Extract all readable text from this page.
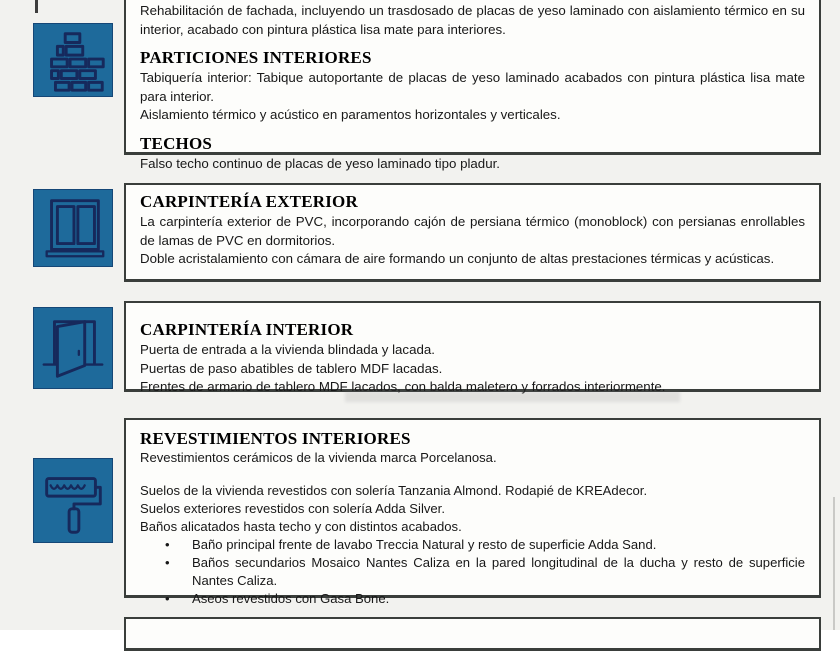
Rehabilitación de fachada, incluyendo un trasdosado de placas de yeso laminado con aislamiento térmico en su interior, acabado con pintura plástica lisa mate para interiores.

PARTICIONES INTERIORES

Tabiquería interior: Tabique autoportante de placas de yeso laminado acabados con pintura plástica lisa mate para interior.

Aislamiento térmico y acústico en paramentos horizontales y verticales.

TECHOS

Falso techo continuo de placas de yeso laminado tipo pladur.

CARPINTERÍA EXTERIOR

La carpintería exterior de PVC, incorporando cajón de persiana térmico (monoblock) con persianas enrollables de lamas de PVC en dormitorios.

Doble acristalamiento con cámara de aire formando un conjunto de altas prestaciones térmicas y acústicas.

CARPINTERÍA INTERIOR

Puerta de entrada a la vivienda blindada y lacada.

Puertas de paso abatibles de tablero MDF lacadas.

Frentes de armario de tablero MDF lacados, con balda maletero y forrados interiormente.

REVESTIMIENTOS INTERIORES

Revestimientos cerámicos de la vivienda marca Porcelanosa.

Suelos de la vivienda revestidos con solería Tanzania Almond. Rodapié de KREAdecor.

Suelos exteriores revestidos con solería Adda Silver.

Baños alicatados hasta techo y con distintos acabados.

•	Baño principal frente de lavabo Treccia Natural y resto de superficie Adda Sand.
•	Baños secundarios Mosaico Nantes Caliza en la pared longitudinal de la ducha y resto de superficie Nantes Caliza.
•	Aseos revestidos con Gasa Bone.
